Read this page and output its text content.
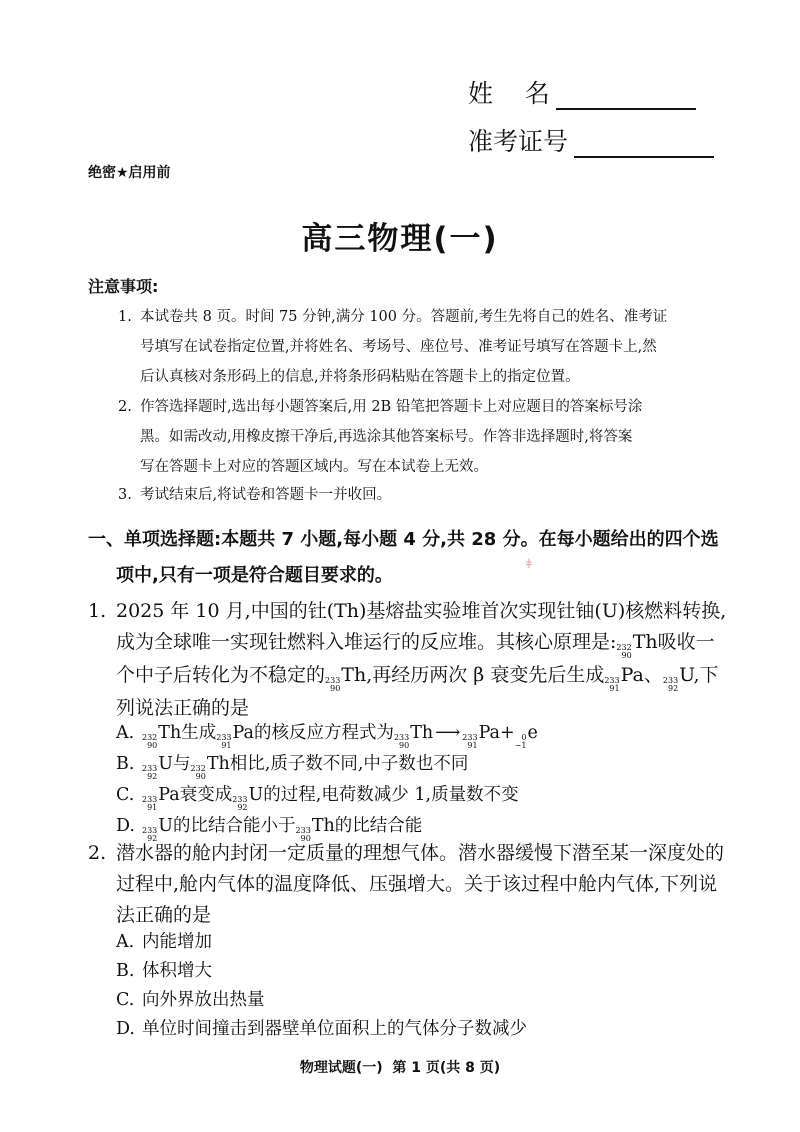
姓    名
准考证号
绝密★启用前
高三物理(一)
注意事项:
1. 本试卷共 8 页。时间 75 分钟,满分 100 分。答题前,考生先将自己的姓名、准考证
号填写在试卷指定位置,并将姓名、考场号、座位号、准考证号填写在答题卡上,然
后认真核对条形码上的信息,并将条形码粘贴在答题卡上的指定位置。
2. 作答选择题时,选出每小题答案后,用 2B 铅笔把答题卡上对应题目的答案标号涂
黑。如需改动,用橡皮擦干净后,再选涂其他答案标号。作答非选择题时,将答案
写在答题卡上对应的答题区域内。写在本试卷上无效。
3. 考试结束后,将试卷和答题卡一并收回。
一、单项选择题:本题共 7 小题,每小题 4 分,共 28 分。在每小题给出的四个选
项中,只有一项是符合题目要求的。
ǂ
1. 2025 年 10 月,中国的钍(Th)基熔盐实验堆首次实现钍铀(U)核燃料转换,
成为全球唯一实现钍燃料入堆运行的反应堆。其核心原理是: 232
90
Th吸收一
个中子后转化为不稳定的 233
90
Th,再经历两次 β 衰变先后生成 233
91
Pa、 233
92
U,下
列说法正确的是
A. 232
90
Th生成 233
91
Pa的核反应方程式为 233
90
Th ⟶ 233
91
Pa+ 0
−1
e
B. 233
92
U与 232
90
Th相比,质子数不同,中子数也不同
C. 233
91
Pa衰变成 233
92
U的过程,电荷数减少 1,质量数不变
D. 233
92
U的比结合能小于 233
90
Th的比结合能
2. 潜水器的舱内封闭一定质量的理想气体。潜水器缓慢下潜至某一深度处的
过程中,舱内气体的温度降低、压强增大。关于该过程中舱内气体,下列说
法正确的是
A. 内能增加
B. 体积增大
C. 向外界放出热量
D. 单位时间撞击到器壁单位面积上的气体分子数减少
物理试题(一)  第 1 页(共 8 页)
